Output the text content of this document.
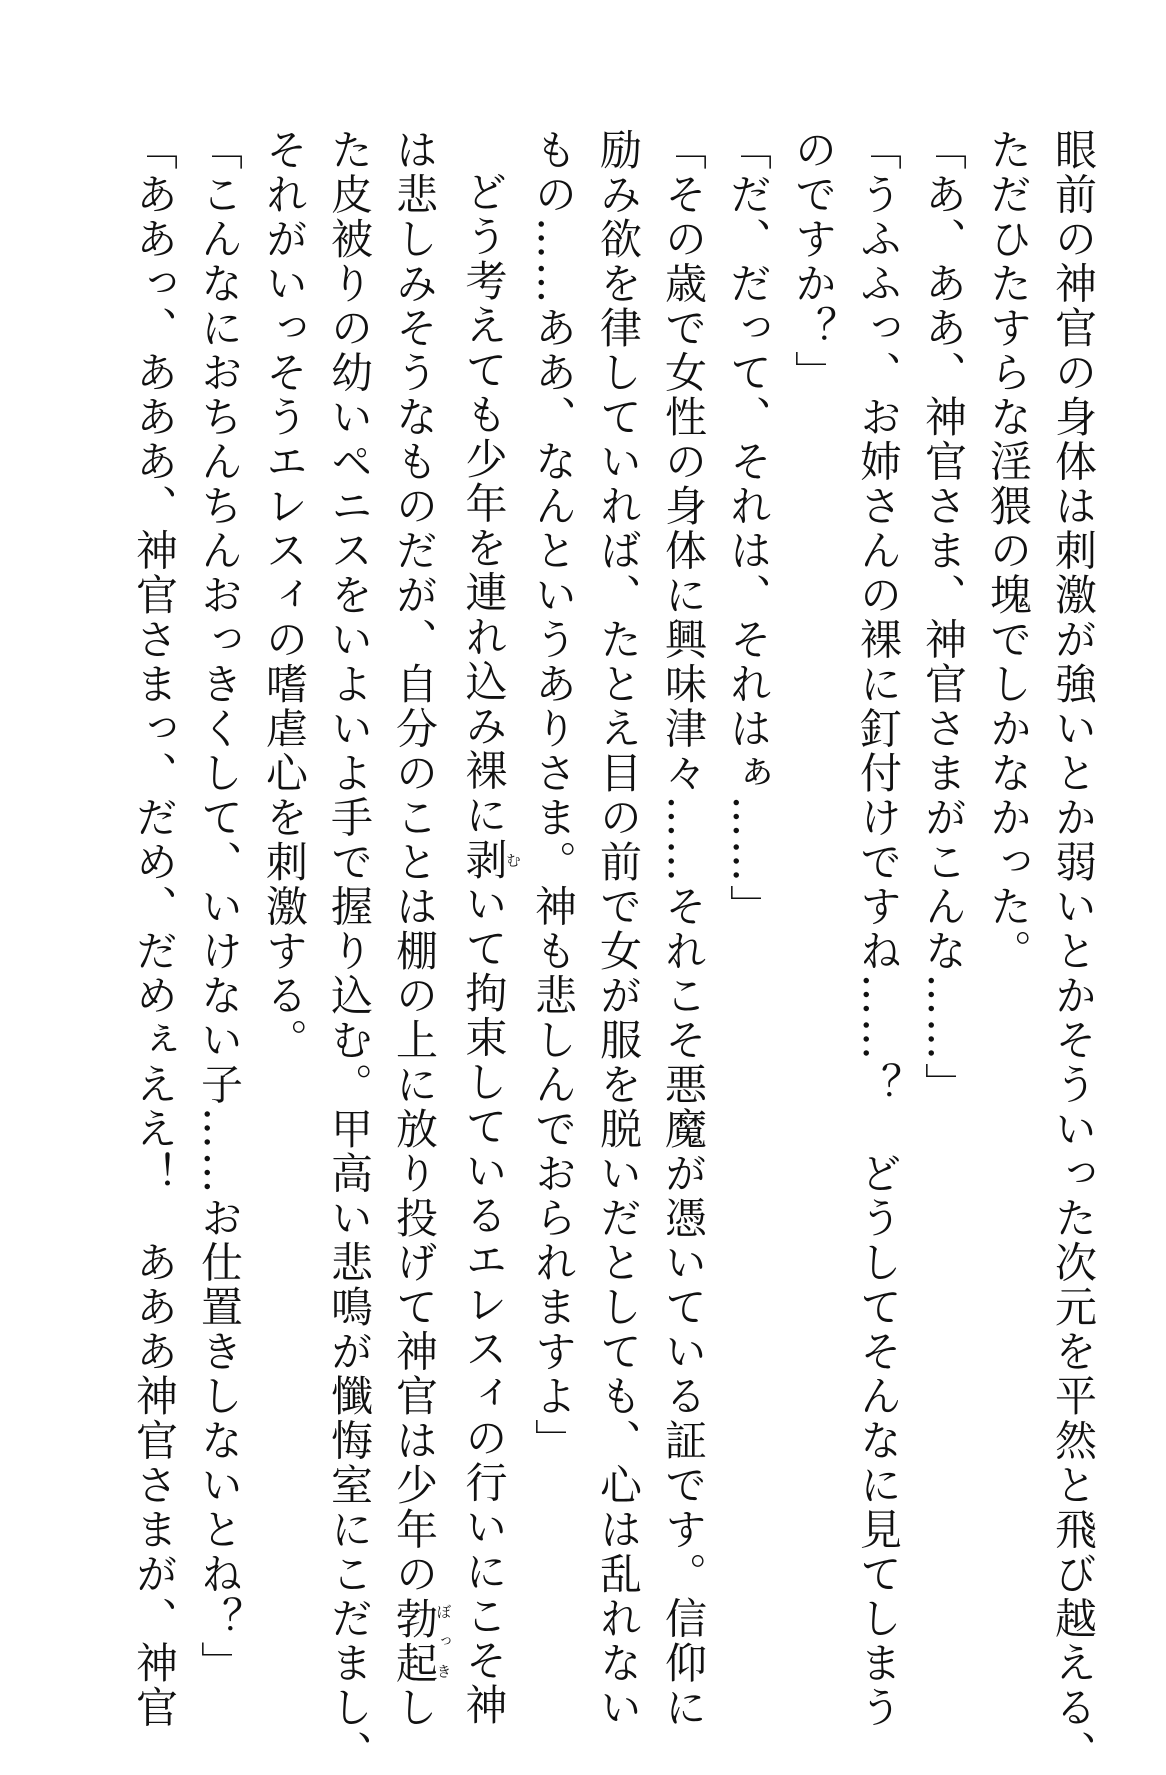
眼前の神官の身体は刺激が強いとか弱いとかそういった次元を平然と飛び越える、
ただひたすらな淫猥の塊でしかなかった。
「あ、ああ、神官さま、神官さまがこんな……」
「うふふっ、お姉さんの裸に釘付けですね……？　どうしてそんなに見てしまう
のですか？」
「だ、だって、それは、それはぁ……」
「その歳で女性の身体に興味津々……それこそ悪魔が憑いている証です。信仰に
励み欲を律していれば、たとえ目の前で女が服を脱いだとしても、心は乱れない
もの……ああ、なんというありさま。神も悲しんでおられますよ」
どう考えても少年を連れ込み裸に剥むいて拘束しているエレスィの行いにこそ神
は悲しみそうなものだが、自分のことは棚の上に放り投げて神官は少年の勃起ぼっきし
た皮被りの幼いペニスをいよいよ手で握り込む。甲高い悲鳴が懺悔室にこだまし、
それがいっそうエレスィの嗜虐心を刺激する。
「こんなにおちんちんおっきくして、いけない子……お仕置きしないとね？」
「ああっ、あああ、神官さまっ、だめ、だめぇええ！　あああ神官さまが、神官
